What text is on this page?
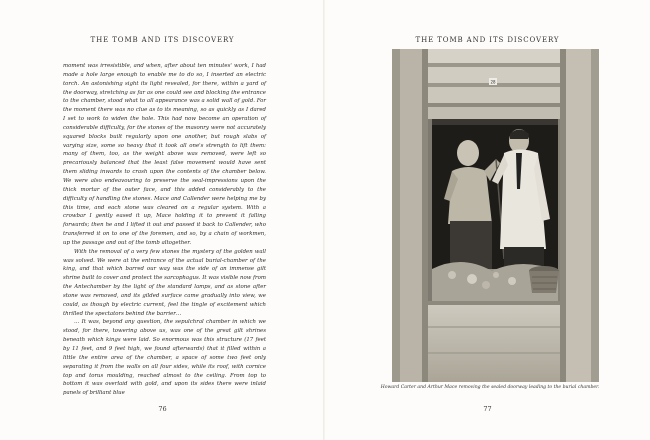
THE TOMB AND ITS DISCOVERY

moment was irresistible, and when, after about ten minutes' work, I had made a hole large enough to enable me to do so, I inserted an electric torch. An astonishing sight its light revealed, for there, within a yard of the doorway, stretching as far as one could see and blocking the entrance to the chamber, stood what to all appearance was a solid wall of gold. For the moment there was no clue as to its meaning, so as quickly as I dared I set to work to widen the hole. This had now become an operation of considerable difficulty, for the stones of the masonry were not accurately squared blocks built regularly upon one another, but rough slabs of varying size, some so heavy that it took all one's strength to lift them: many of them, too, as the weight above was removed, were left so precariously balanced that the least false movement would have sent them sliding inwards to crash upon the contents of the chamber below. We were also endeavouring to preserve the seal-impressions upon the thick mortar of the outer face, and this added considerably to the difficulty of handling the stones. Mace and Callender were helping me by this time, and each stone was cleared on a regular system. With a crowbar I gently eased it up, Mace holding it to prevent it falling forwards; then he and I lifted it out and passed it back to Callender, who transferred it on to one of the foremen, and so, by a chain of workmen, up the passage and out of the tomb altogether.

With the removal of a very few stones the mystery of the golden wall was solved. We were at the entrance of the actual burial-chamber of the king, and that which barred our way was the side of an immense gilt shrine built to cover and protect the sarcophagus. It was visible now from the Antechamber by the light of the standard lamps, and as stone after stone was removed, and its gilded surface came gradually into view, we could, as though by electric current, feel the tingle of excitement which thrilled the spectators behind the barrier…

… It was, beyond any question, the sepulchral chamber in which we stood, for there, towering above us, was one of the great gilt shrines beneath which kings were laid. So enormous was this structure (17 feet by 11 feet, and 9 feet high, we found afterwards) that it filled within a little the entire area of the chamber, a space of some two feet only separating it from the walls on all four sides, while its roof, with cornice top and torus moulding, reached almost to the ceiling. From top to bottom it was overlaid with gold, and upon its sides there were inlaid panels of brilliant blue

76
THE TOMB AND ITS DISCOVERY
77
28
Howard Carter and Arthur Mace removing the sealed doorway leading to the burial chamber.
